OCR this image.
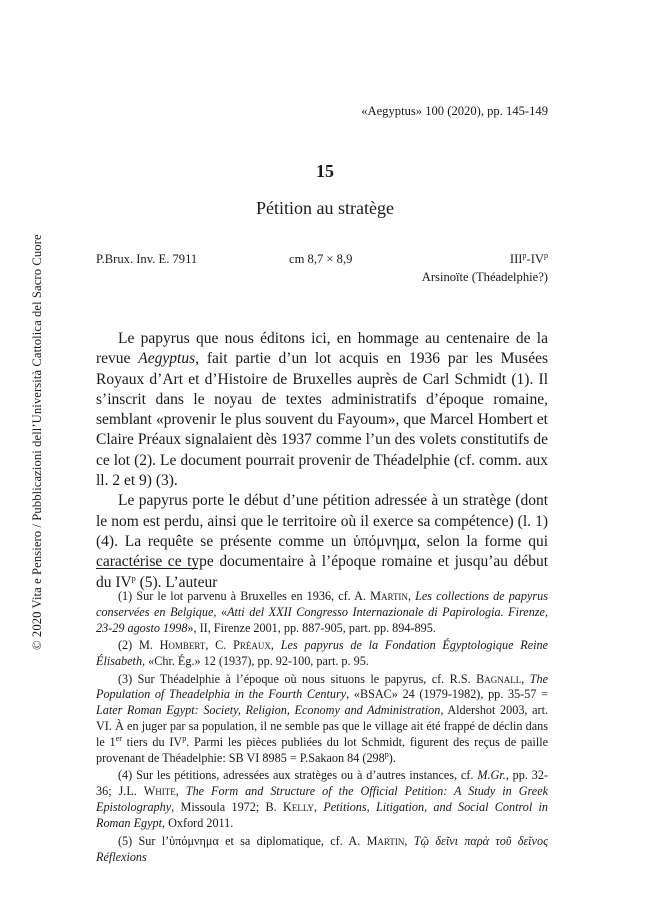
© 2020 Vita e Pensiero / Pubblicazioni dell’Università Cattolica del Sacro Cuore
«Aegyptus» 100 (2020), pp. 145-149
15
Pétition au stratège
P.Brux. Inv. E. 7911	cm 8,7 × 8,9	$III^p-IV^p$
Arsinoïte (Théadelphie?)

Le papyrus que nous éditons ici, en hommage au centenaire de la revue Aegyptus, fait partie d’un lot acquis en 1936 par les Musées Royaux d’Art et d’Histoire de Bruxelles auprès de Carl Schmidt (1). Il s’inscrit dans le noyau de textes administratifs d’époque romaine, semblant «provenir le plus souvent du Fayoum», que Marcel Hombert et Claire Préaux signalaient dès 1937 comme l’un des volets constitutifs de ce lot (2). Le document pourrait provenir de Théadelphie (cf. comm. aux ll. 2 et 9) (3).

Le papyrus porte le début d’une pétition adressée à un stratège (dont le nom est perdu, ainsi que le territoire où il exerce sa compétence) (l. 1) (4). La requête se présente comme un ὑπόμνημα, selon la forme qui caractérise ce type documentaire à l’époque romaine et jusqu’au début du $IV^p$ (5). L’auteur

(1) Sur le lot parvenu à Bruxelles en 1936, cf. A. Martin, Les collections de papyrus conservées en Belgique, «Atti del XXII Congresso Internazionale di Papirologia. Firenze, 23-29 agosto 1998», II, Firenze 2001, pp. 887-905, part. pp. 894-895.

(2) M. Hombert, C. Préaux, Les papyrus de la Fondation Égyptologique Reine Élisabeth, «Chr. Ég.» 12 (1937), pp. 92-100, part. p. 95.

(3) Sur Théadelphie à l’époque où nous situons le papyrus, cf. R.S. Bagnall, The Population of Theadelphia in the Fourth Century, «BSAC» 24 (1979-1982), pp. 35-57 = Later Roman Egypt: Society, Religion, Economy and Administration, Aldershot 2003, art. VI. À en juger par sa population, il ne semble pas que le village ait été frappé de déclin dans le 1er tiers du $IV^p$. Parmi les pièces publiées du lot Schmidt, figurent des reçus de paille provenant de Théadelphie: SB VI 8985 = P.Sakaon 84 (298$^p$).

(4) Sur les pétitions, adressées aux stratèges ou à d’autres instances, cf. M.Gr., pp. 32-36; J.L. White, The Form and Structure of the Official Petition: A Study in Greek Epistolography, Missoula 1972; B. Kelly, Petitions, Litigation, and Social Control in Roman Egypt, Oxford 2011.

(5) Sur l’ὑπόμνημα et sa diplomatique, cf. A. Martin, Τῷ δεῖνι παρὰ τοῦ δεῖνος Réflexions
